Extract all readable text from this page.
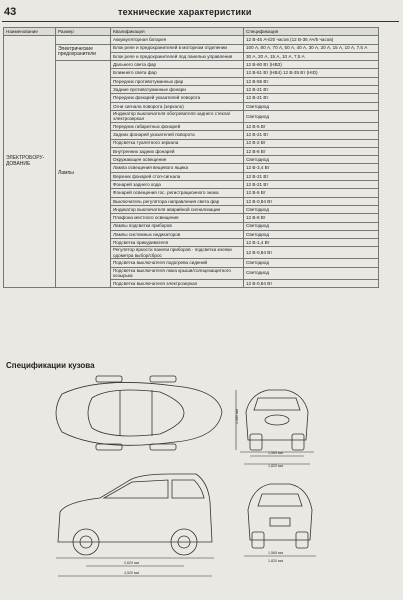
43	технические характеристики
Наименование	Размер	Квалификация	Спецификация
ЭЛЕКТРОБОРУ-ДОВАНИЕ		Аккумуляторная батарея	12 В-45 Ач/20 часов (12 В-36 Ач/5 часов)
	Электрические предохранители	Блок реле и предохранителей в моторном отделении	100 А, 80 А, 70 А, 50 А, 40 А, 30 А, 20 А, 15 А, 10 А, 7,5 А
		Блок реле и предохранителей под панелью управления	30 А, 20 А, 15 А, 10 А, 7,5 А
	Лампы	Дальнего света фар	12 В-60 Вт (НВЗ)
		Ближнего света фар	12 В-51 Вт (НВ4) 12 В-35 Вт (HID)
		Передних противотуманных фар	12 В-55 Вт
		Задние противотуманные фонари	12 В-21 Вт
		Передних фонарей указателей поворота	12 В-21 Вт
		Огни сигнала поворота (зеркало)	Светодиод
		Индикатор выключателя обогревателя заднего стекла/электрозеркал	Светодиод
		Передних габаритных фонарей	12 В-5 Вт
		Задних фонарей указателей поворота	12 В-21 Вт
		Подсветка туалетного зеркала	12 В-2 Вт
		Внутренних задних фонарей	12 В-8 Вт
		Окружающее освещение	Светодиод
		Лампа освещения вещевого ящика	12 В-3,4 Вт
		Верхних фонарей стоп-сигнала	12 В-21 Вт
		Фонарей заднего хода	12 В-21 Вт
		Фонарей освещения гос. регистрационного знака	12 В-5 Вт
		Выключатель регулятора направления света фар	12 В-0,84 Вт
		Индикатор выключателя аварийной сигнализации	Светодиод
		Плафона местного освещения	12 В-8 Вт
		Лампы подсветки приборов	Светодиод
		Лампы системных индикаторов	Светодиод
		Подсветка прикуривателя	12 В-1,4 Вт
		Регулятор яркости панели приборов · подсветка кнопки одометра выбор/сброс	12 В-0,84 Вт
		Подсветка выключателя подогрева сидений	Светодиод
		Подсветка выключателя люка крыши/солнцезащитного козырька	Светодиод
		Подсветка выключателя электрозеркал	12 В-0,84 Вт
Спецификации кузова
1,680 мм
1,565 мм
1,820 мм
2,620 мм
4,520 мм
1,565 мм
1,820 мм
